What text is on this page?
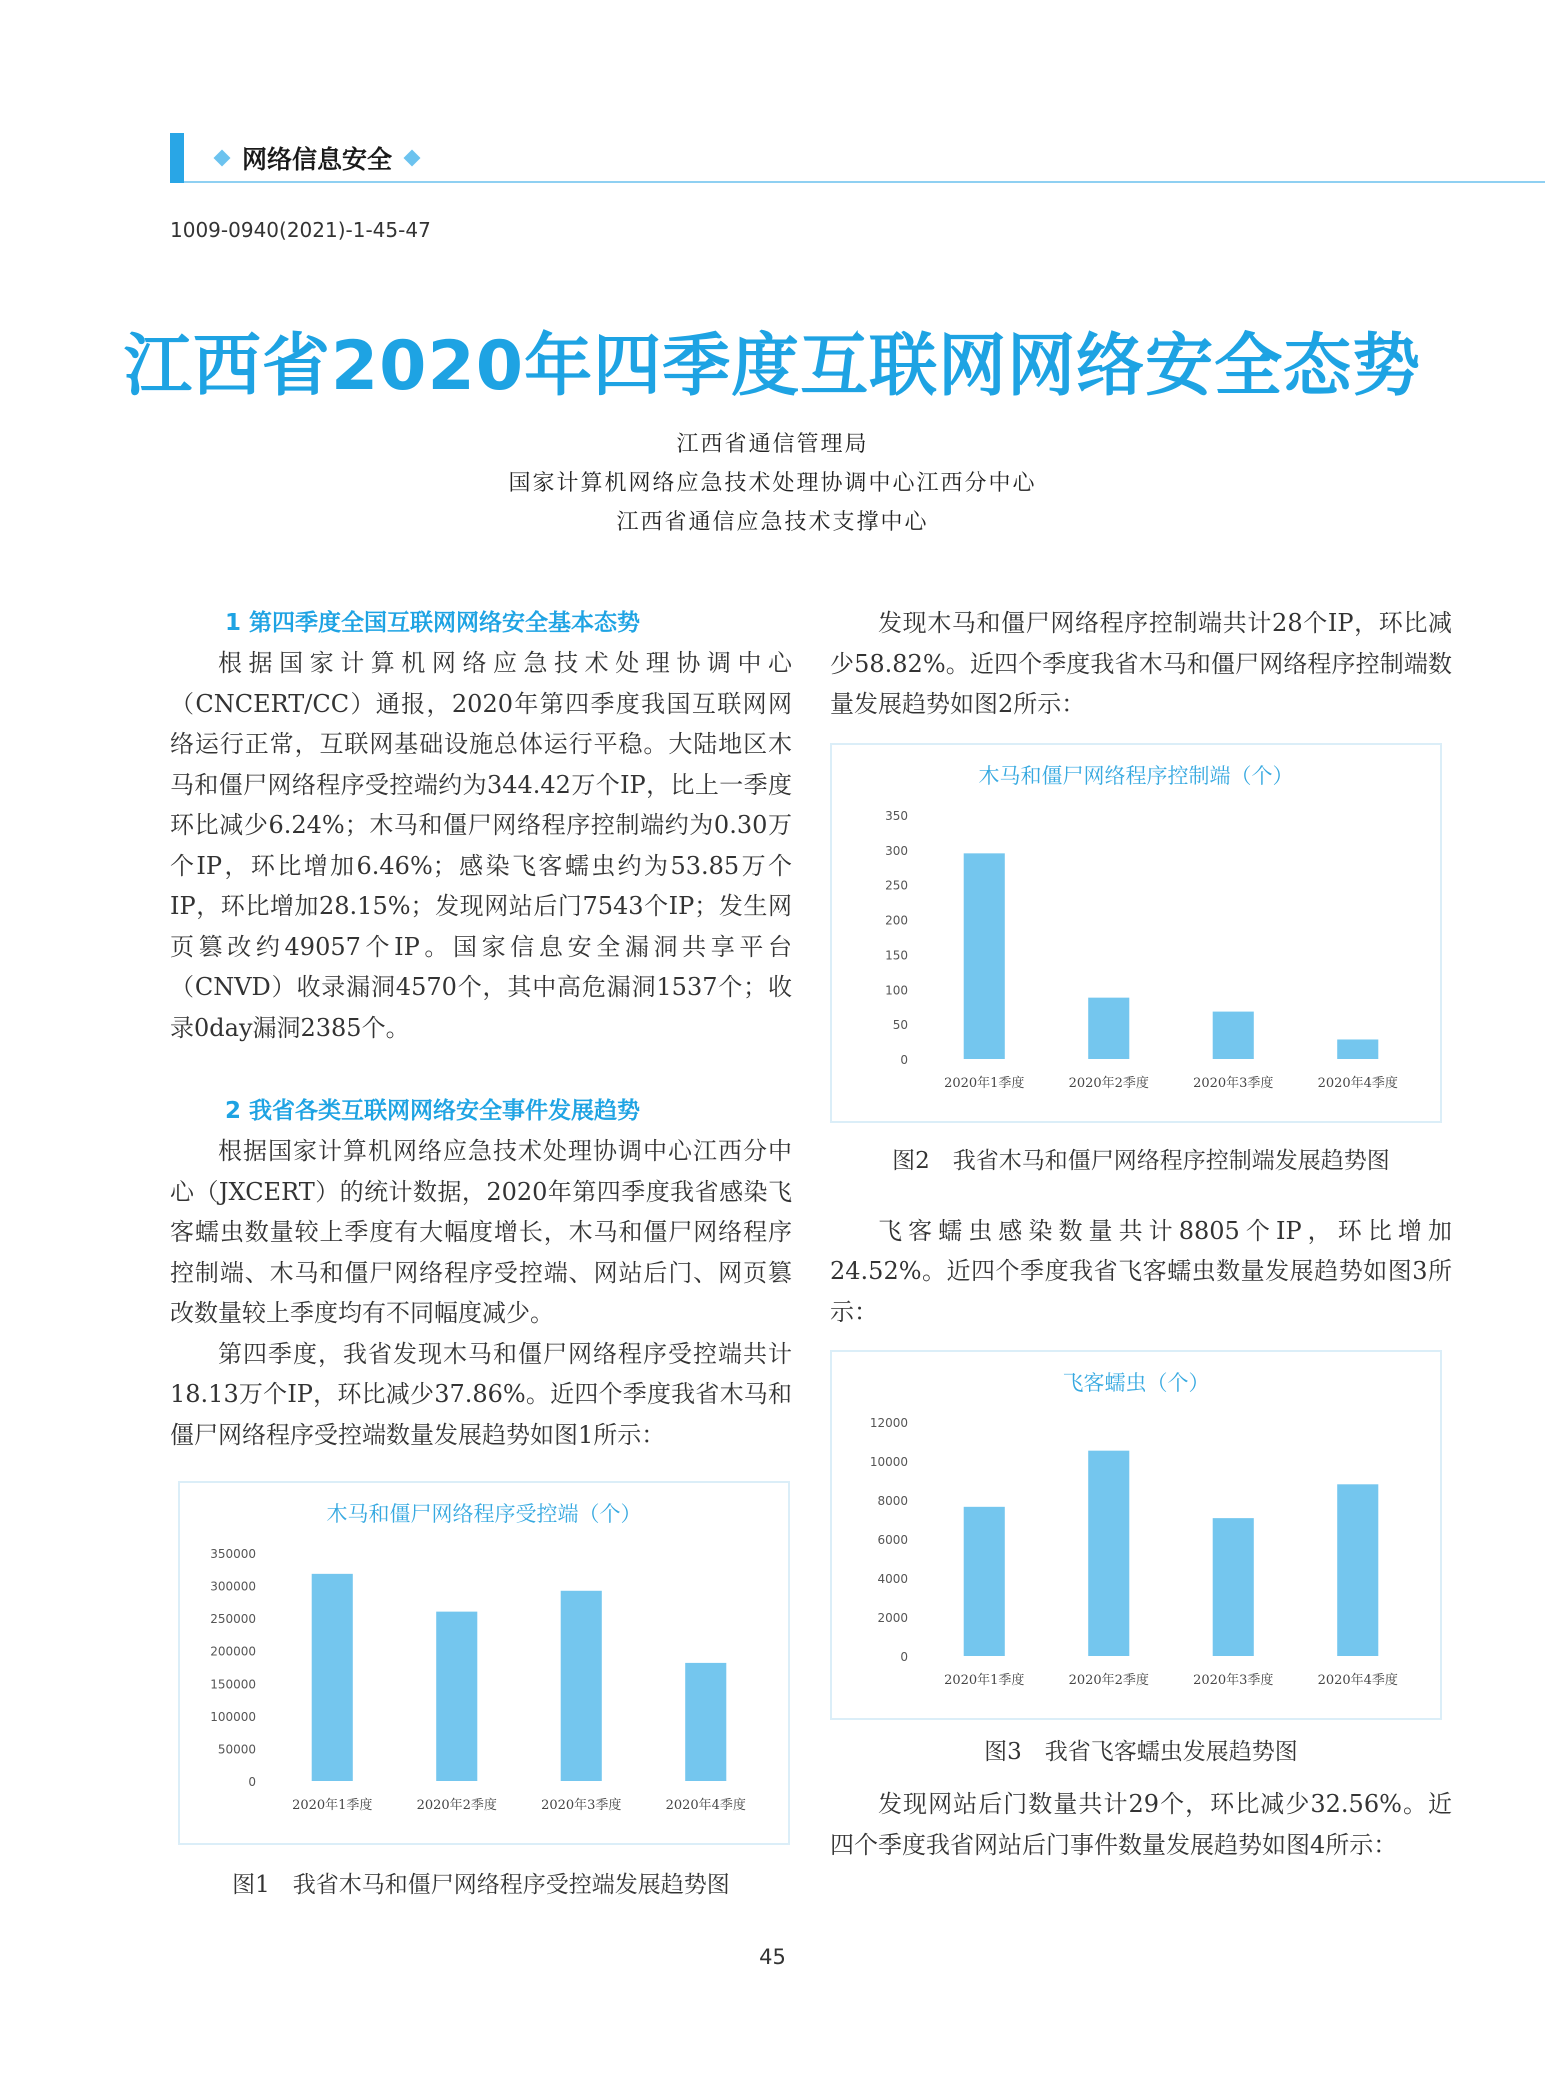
网络信息安全
1009-0940(2021)-1-45-47
江西省2020年四季度互联网网络安全态势
江西省通信管理局
国家计算机网络应急技术处理协调中心江西分中心
江西省通信应急技术支撑中心
1 第四季度全国互联网网络安全基本态势

根据国家计算机网络应急技术处理协调中心（CNCERT/CC）通报，2020年第四季度我国互联网网络运行正常，互联网基础设施总体运行平稳。大陆地区木马和僵尸网络程序受控端约为344.42万个IP，比上一季度环比减少6.24%；木马和僵尸网络程序控制端约为0.30万个IP，环比增加6.46%；感染飞客蠕虫约为53.85万个IP，环比增加28.15%；发现网站后门7543个IP；发生网页篡改约49057个IP。国家信息安全漏洞共享平台（CNVD）收录漏洞4570个，其中高危漏洞1537个；收录0day漏洞2385个。

2 我省各类互联网网络安全事件发展趋势

根据国家计算机网络应急技术处理协调中心江西分中心（JXCERT）的统计数据，2020年第四季度我省感染飞客蠕虫数量较上季度有大幅度增长，木马和僵尸网络程序控制端、木马和僵尸网络程序受控端、网站后门、网页篡改数量较上季度均有不同幅度减少。

第四季度，我省发现木马和僵尸网络程序受控端共计18.13万个IP，环比减少37.86%。近四个季度我省木马和僵尸网络程序受控端数量发展趋势如图1所示：

木马和僵尸网络程序受控端（个）
0
50000
100000
150000
200000
250000
300000
350000
2020年1季度	2020年2季度	2020年3季度	2020年4季度
图1　我省木马和僵尸网络程序受控端发展趋势图

发现木马和僵尸网络程序控制端共计28个IP，环比减少58.82%。近四个季度我省木马和僵尸网络程序控制端数量发展趋势如图2所示：

木马和僵尸网络程序控制端（个）
0
50
100
150
200
250
300
350
2020年1季度	2020年2季度	2020年3季度	2020年4季度
图2　我省木马和僵尸网络程序控制端发展趋势图

飞客蠕虫感染数量共计8805个IP，环比增加24.52%。近四个季度我省飞客蠕虫数量发展趋势如图3所示：

飞客蠕虫（个）
0
2000
4000
6000
8000
10000
12000
2020年1季度	2020年2季度	2020年3季度	2020年4季度
图3　我省飞客蠕虫发展趋势图

发现网站后门数量共计29个，环比减少32.56%。近四个季度我省网站后门事件数量发展趋势如图4所示：

45
